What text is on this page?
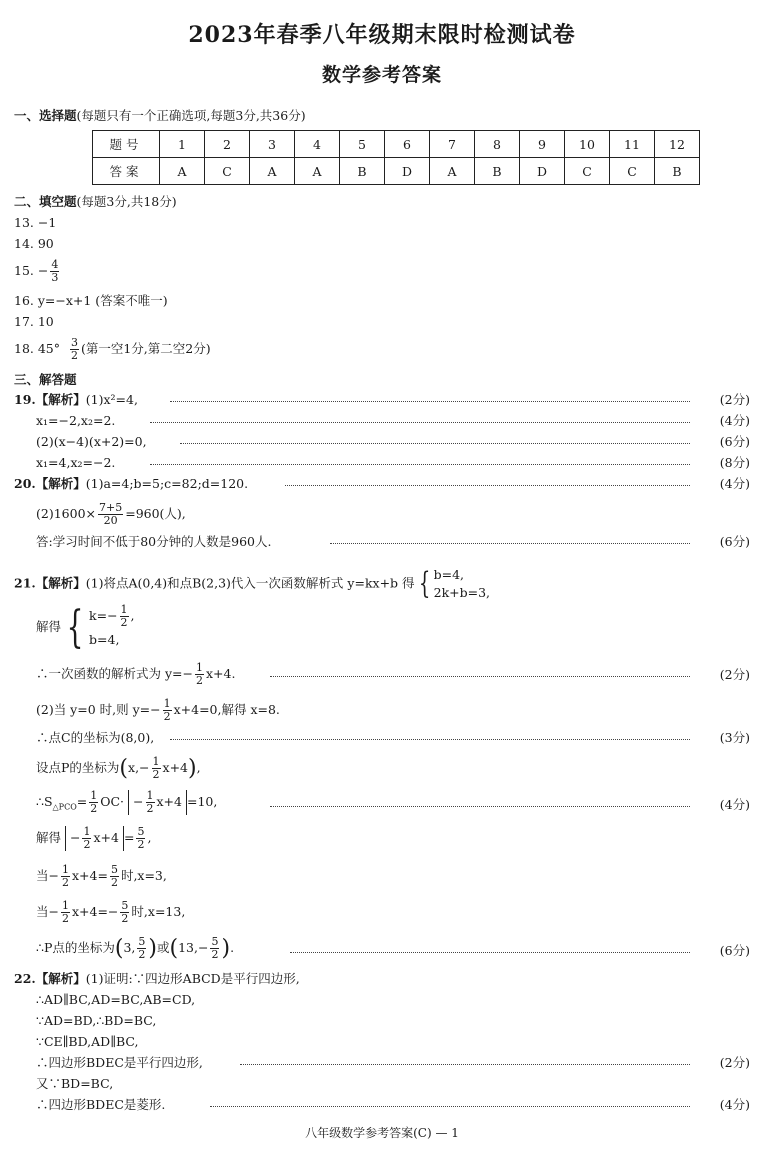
2023年春季八年级期末限时检测试卷
数学参考答案
一、选择题(每题只有一个正确选项,每题3分,共36分)
题号	1	2	3	4	5	6	7	8	9	10	11	12
答案	A	C	A	A	B	D	A	B	D	C	C	B
二、填空题(每题3分,共18分)
13. −1
14. 90
15. − $\frac{4}{3}$
16. y=−x+1 (答案不唯一)
17. 10
18. $45^\circ \frac{3}{2}$ (第一空1分,第二空2分)
三、解答题
19.【解析】(1)x²=4,	(2分)
x₁=−2,x₂=2.	(4分)
(2)(x−4)(x+2)=0,	(6分)
x₁=4,x₂=−2.	(8分)
20.【解析】(1)a=4;b=5;c=82;d=120.	(4分)
$(2)1600\times \frac{7+5}{20} =960$(人),
答:学习时间不低于80分钟的人数是960人.	(6分)
21.【解析】(1)将点A(0,4)和点B(2,3)代入一次函数解析式 y=kx+b 得 { b=4,
2k+b=3,
解得 { $k=- \frac{1}{2}$ ,
b=4,
∴一次函数的解析式为 $y=- \frac{1}{2} x+4$.	(2分)
(2)当 y=0 时,则 $y=- \frac{1}{2} x+4=0$,解得 x=8.
∴点C的坐标为(8,0),	(3分)
设点P的坐标为$(x,- \frac{1}{2} x+4)$,
$\therefore S_{\triangle PCO}= \frac{1}{2} OC\cdot - \frac{1}{2} x+4 =10$,	(4分)
解得 − $\frac{1}{2} x+4 = \frac{5}{2}$ ,
当− $\frac{1}{2} x+4= \frac{5}{2}$ 时,x=3,
当− $\frac{1}{2} x+4=- \frac{5}{2}$ 时,x=13,
∴P点的坐标为(3, $\frac{5}{2}$ )或($13,- \frac{5}{2}$ ).	(6分)
22.【解析】(1)证明:∵四边形ABCD是平行四边形,
∴AD∥BC,AD=BC,AB=CD,
∵AD=BD,∴BD=BC,
∵CE∥BD,AD∥BC,
∴四边形BDEC是平行四边形,	(2分)
又∵BD=BC,
∴四边形BDEC是菱形.	(4分)
八年级数学参考答案(C) — 1
